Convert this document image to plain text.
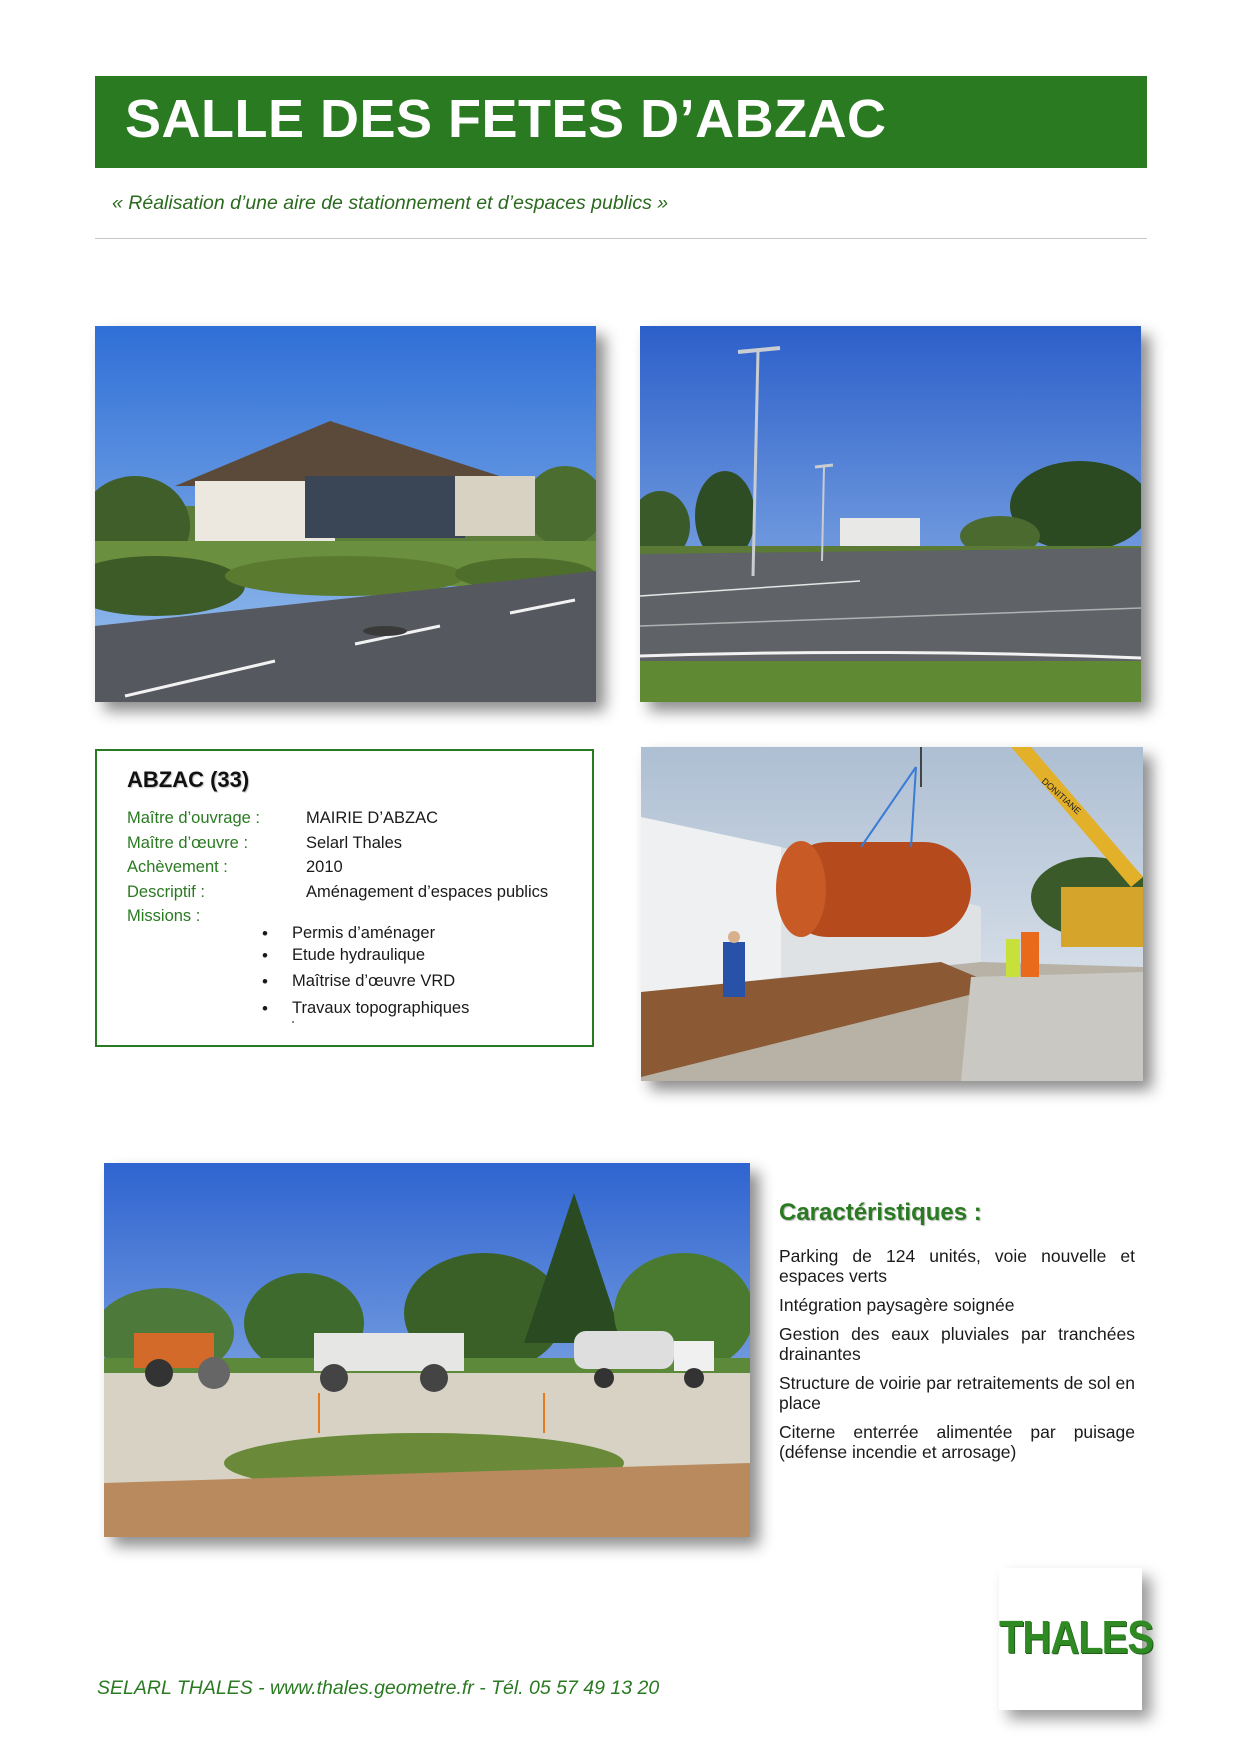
SALLE DES FETES D’ABZAC
« Réalisation d’une aire de stationnement et d’espaces publics »
ABZAC (33)
Maître d’ouvrage :	MAIRIE D’ABZAC
Maître d’œuvre :	Selarl Thales
Achèvement :	2010
Descriptif :	Aménagement d’espaces publics
Missions :
• Permis d’aménager
• Etude hydraulique
• Maîtrise d’œuvre VRD
• Travaux topographiques
DONITIANE
Caractéristiques :
Parking de 124 unités, voie nouvelle et espaces verts
Intégration paysagère soignée
Gestion des eaux pluviales par tranchées drainantes
Structure de voirie par retraitements de sol en place
Citerne enterrée alimentée par puisage (défense incendie et arrosage)
THALES
SELARL THALES - www.thales.geometre.fr - Tél. 05 57 49 13 20
